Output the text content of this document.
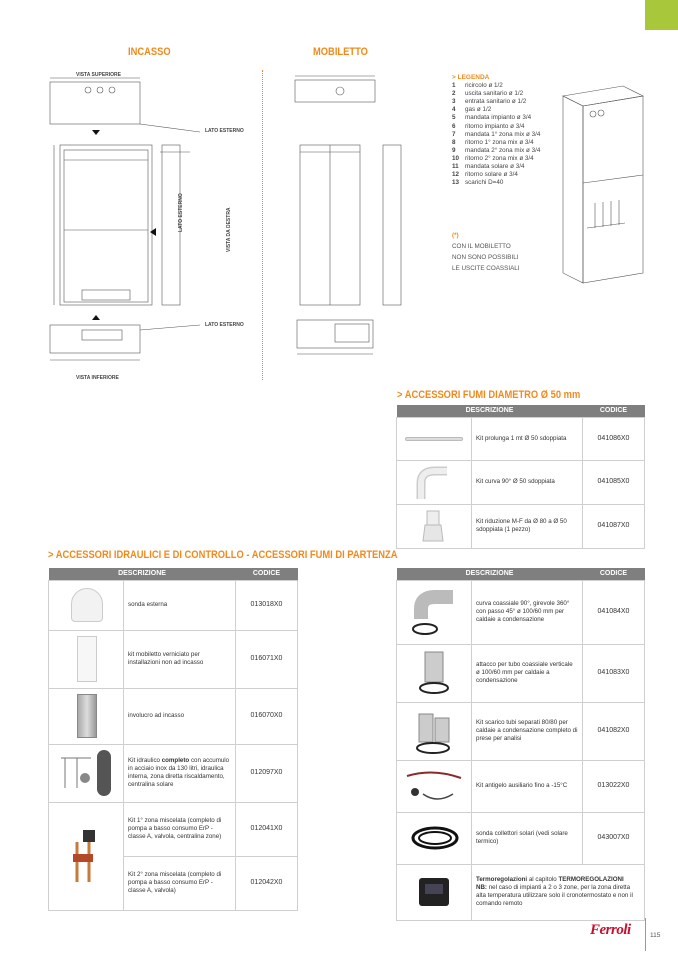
INCASSO	MOBILETTO
VISTA SUPERIORE
LATO ESTERNO
LATO ESTERNO
VISTA INFERIORE
LATO ESTERNO	VISTA DA DESTRA
> LEGENDA
1	ricircolo ø 1/2
2	uscita sanitario ø 1/2
3	entrata sanitario ø 1/2
4	gas ø 1/2
5	mandata impianto ø 3/4
6	ritorno impianto ø 3/4
7	mandata 1° zona mix ø 3/4
8	ritorno 1° zona mix ø 3/4
9	mandata 2° zona mix ø 3/4
10 ritorno 2° zona mix ø 3/4
11	mandata solare ø 3/4
12 ritorno solare ø 3/4
13 scarichi D=40
(*)
CON IL MOBILETTO
NON SONO POSSIBILI
LE USCITE COASSIALI
> ACCESSORI FUMI DIAMETRO Ø 50 mm
DESCRIZIONE		CODICE

	Kit prolunga 1 mt Ø 50 sdoppiata	041086X0

	Kit curva 90° Ø 50 sdoppiata	041085X0

	Kit riduzione M-F da Ø 80 a Ø 50 sdoppiata (1 pezzo)	041087X0
> ACCESSORI IDRAULICI E DI CONTROLLO - ACCESSORI FUMI DI PARTENZA
DESCRIZIONE		CODICE

	sonda esterna	013018X0

	kit mobiletto verniciato per installazioni non ad incasso	016071X0

	involucro ad incasso	016070X0

	Kit idraulico completo con accumulo in acciaio inox da 130 litri, idraulica interna, zona diretta riscaldamento, centralina solare	012097X0

	Kit 1° zona miscelata (completo di pompa a basso consumo ErP - classe A, valvola, centralina zone)	012041X0
	Kit 2° zona miscelata (completo di pompa a basso consumo ErP - classe A, valvola)	012042X0
DESCRIZIONE		CODICE

	curva coassiale 90°, girevole 360° con passo 45° ø 100/60 mm per caldaie a condensazione	041084X0

	attacco per tubo coassiale verticale ø 100/60 mm per caldaie a condensazione	041083X0

	Kit scarico tubi separati 80/80 per caldaie a condensazione completo di prese per analisi	041082X0

	Kit antigelo ausiliario fino a -15°C	013022X0

	sonda collettori solari (vedi solare termico)	043007X0

	Termoregolazioni al capitolo TERMOREGOLAZIONI
NB: nel caso di impianti a 2 o 3 zone, per la zona diretta alta temperatura utilizzare solo il cronotermostato e non il comando remoto	
Ferroli	115
